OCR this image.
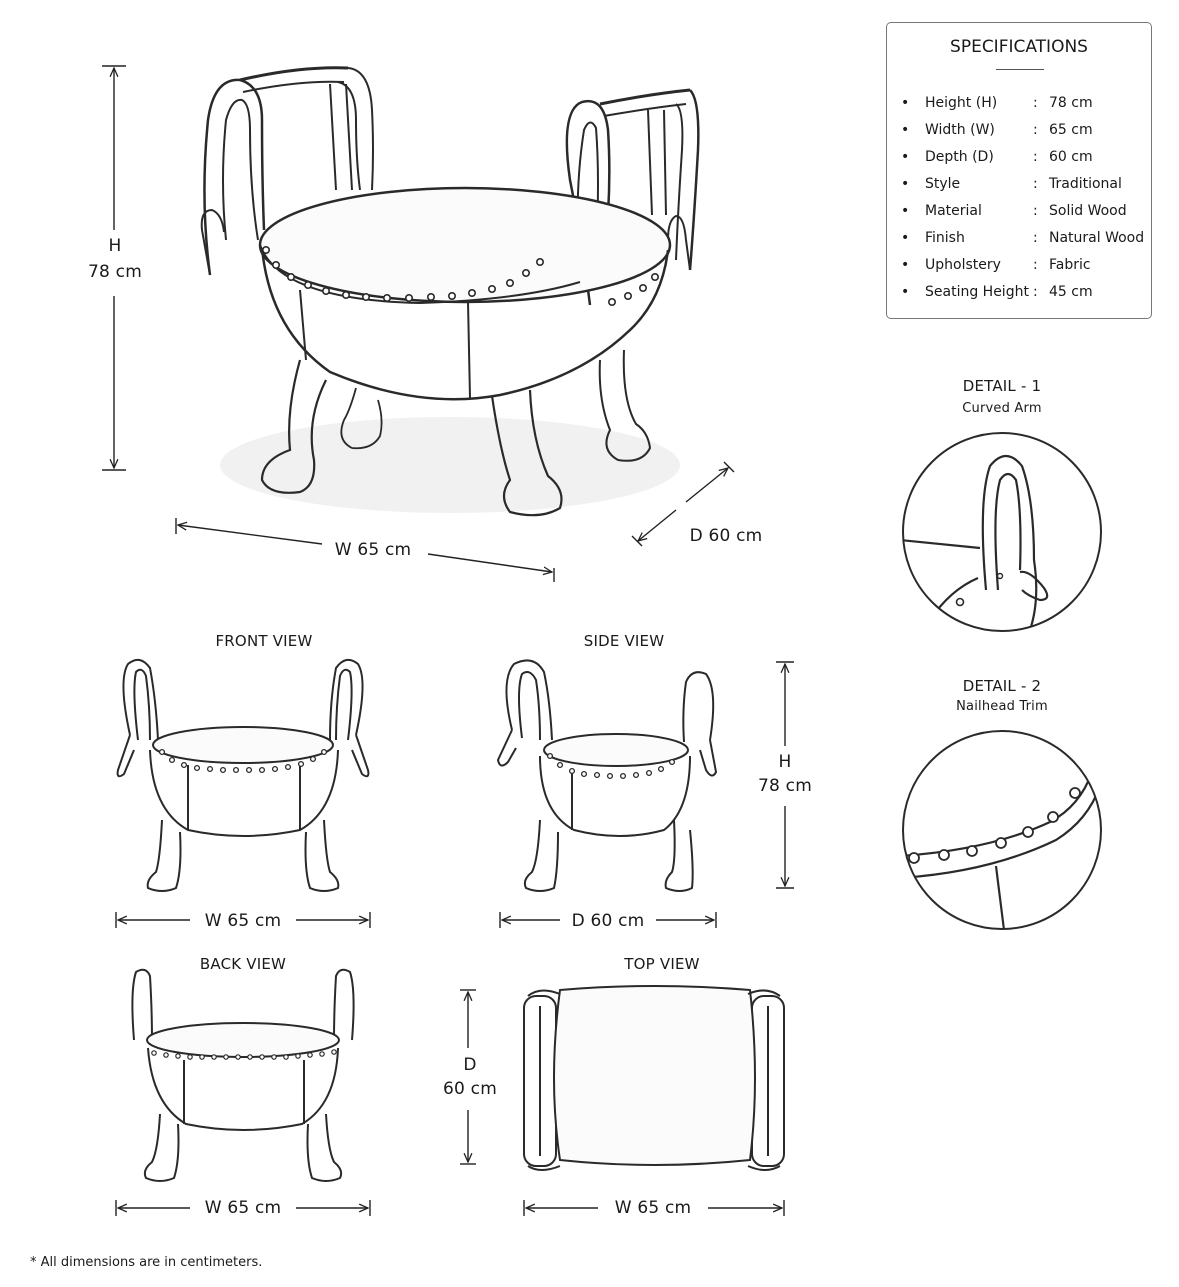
H
78 cm
W 65 cm
D 60 cm
FRONT VIEW
W 65 cm
SIDE VIEW
D 60 cm
H
78 cm
BACK VIEW
W 65 cm
TOP VIEW
D
60 cm
W 65 cm
DETAIL - 1
Curved Arm
DETAIL - 2
Nailhead Trim
SPECIFICATIONS
• Height (H)	: 78 cm
• Width (W)	: 65 cm
• Depth (D)	: 60 cm
• Style	: Traditional
• Material	: Solid Wood
• Finish	: Natural Wood
• Upholstery : Fabric
• Seating Height : 45 cm
* All dimensions are in centimeters.
